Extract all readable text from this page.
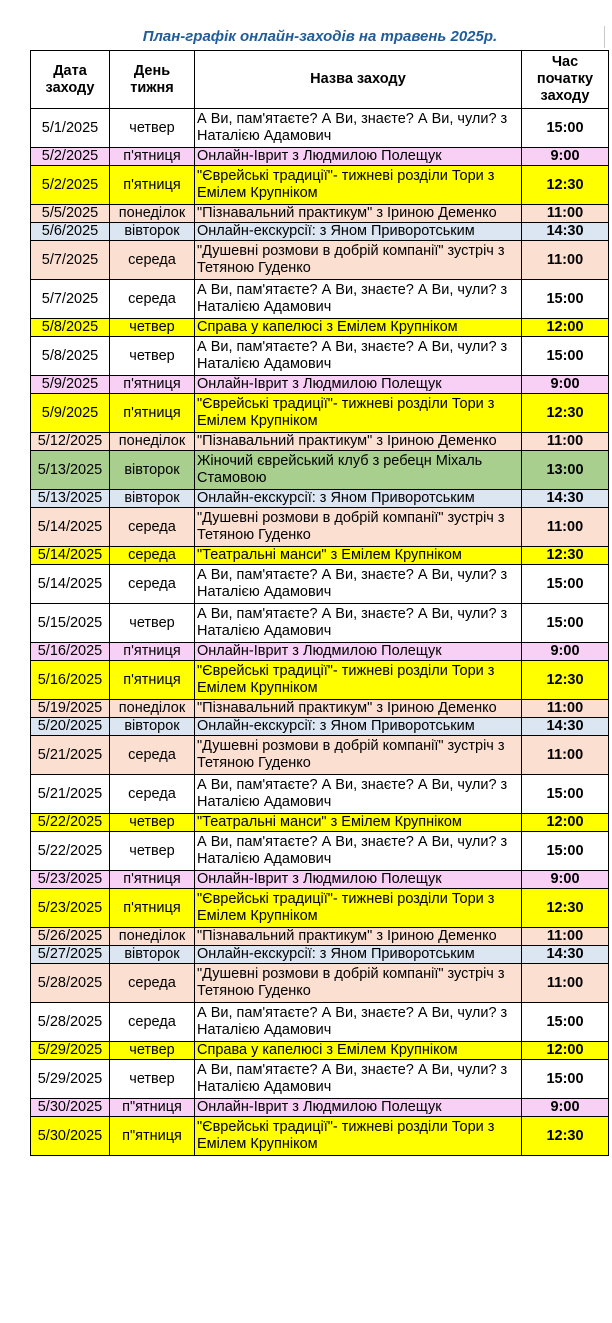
План-графік онлайн-заходів на травень 2025р.
Дата заходу	День тижня	Назва заходу	Час початку заходу
5/1/2025	четвер	А Ви, пам'ятаєте? А Ви, знаєте? А Ви, чули? з Наталією Адамович	15:00
5/2/2025	п'ятниця	Онлайн-Іврит з Людмилою Полещук	9:00
5/2/2025	п'ятниця	"Єврейські традиції"- тижневі розділи Тори з Емілем Крупніком	12:30
5/5/2025	понеділок	"Пізнавальний практикум" з Іриною Деменко	11:00
5/6/2025	вівторок	Онлайн-екскурсії: з Яном Приворотським	14:30
5/7/2025	середа	"Душевні розмови в добрій компанії" зустріч з Тетяною Гуденко	11:00
5/7/2025	середа	А Ви, пам'ятаєте? А Ви, знаєте? А Ви, чули? з Наталією Адамович	15:00
5/8/2025	четвер	Справа у капелюсі з Емілем Крупніком	12:00
5/8/2025	четвер	А Ви, пам'ятаєте? А Ви, знаєте? А Ви, чули? з Наталією Адамович	15:00
5/9/2025	п'ятниця	Онлайн-Іврит з Людмилою Полещук	9:00
5/9/2025	п'ятниця	"Єврейські традиції"- тижневі розділи Тори з Емілем Крупніком	12:30
5/12/2025	понеділок	"Пізнавальний практикум" з Іриною Деменко	11:00
5/13/2025	вівторок	Жіночий єврейський клуб з ребецн Міхаль Стамовою	13:00
5/13/2025	вівторок	Онлайн-екскурсії: з Яном Приворотським	14:30
5/14/2025	середа	"Душевні розмови в добрій компанії" зустріч з Тетяною Гуденко	11:00
5/14/2025	середа	"Театральні манси" з Емілем Крупніком	12:30
5/14/2025	середа	А Ви, пам'ятаєте? А Ви, знаєте? А Ви, чули? з Наталією Адамович	15:00
5/15/2025	четвер	А Ви, пам'ятаєте? А Ви, знаєте? А Ви, чули? з Наталією Адамович	15:00
5/16/2025	п'ятниця	Онлайн-Іврит з Людмилою Полещук	9:00
5/16/2025	п'ятниця	"Єврейські традиції"- тижневі розділи Тори з Емілем Крупніком	12:30
5/19/2025	понеділок	"Пізнавальний практикум" з Іриною Деменко	11:00
5/20/2025	вівторок	Онлайн-екскурсії: з Яном Приворотським	14:30
5/21/2025	середа	"Душевні розмови в добрій компанії" зустріч з Тетяною Гуденко	11:00
5/21/2025	середа	А Ви, пам'ятаєте? А Ви, знаєте? А Ви, чули? з Наталією Адамович	15:00
5/22/2025	четвер	"Театральні манси" з Емілем Крупніком	12:00
5/22/2025	четвер	А Ви, пам'ятаєте? А Ви, знаєте? А Ви, чули? з Наталією Адамович	15:00
5/23/2025	п'ятниця	Онлайн-Іврит з Людмилою Полещук	9:00
5/23/2025	п'ятниця	"Єврейські традиції"- тижневі розділи Тори з Емілем Крупніком	12:30
5/26/2025	понеділок	"Пізнавальний практикум" з Іриною Деменко	11:00
5/27/2025	вівторок	Онлайн-екскурсії: з Яном Приворотським	14:30
5/28/2025	середа	"Душевні розмови в добрій компанії" зустріч з Тетяною Гуденко	11:00
5/28/2025	середа	А Ви, пам'ятаєте? А Ви, знаєте? А Ви, чули? з Наталією Адамович	15:00
5/29/2025	четвер	Справа у капелюсі з Емілем Крупніком	12:00
5/29/2025	четвер	А Ви, пам'ятаєте? А Ви, знаєте? А Ви, чули? з Наталією Адамович	15:00
5/30/2025	п"ятниця	Онлайн-Іврит з Людмилою Полещук	9:00
5/30/2025	п"ятниця	"Єврейські традиції"- тижневі розділи Тори з Емілем Крупніком	12:30
